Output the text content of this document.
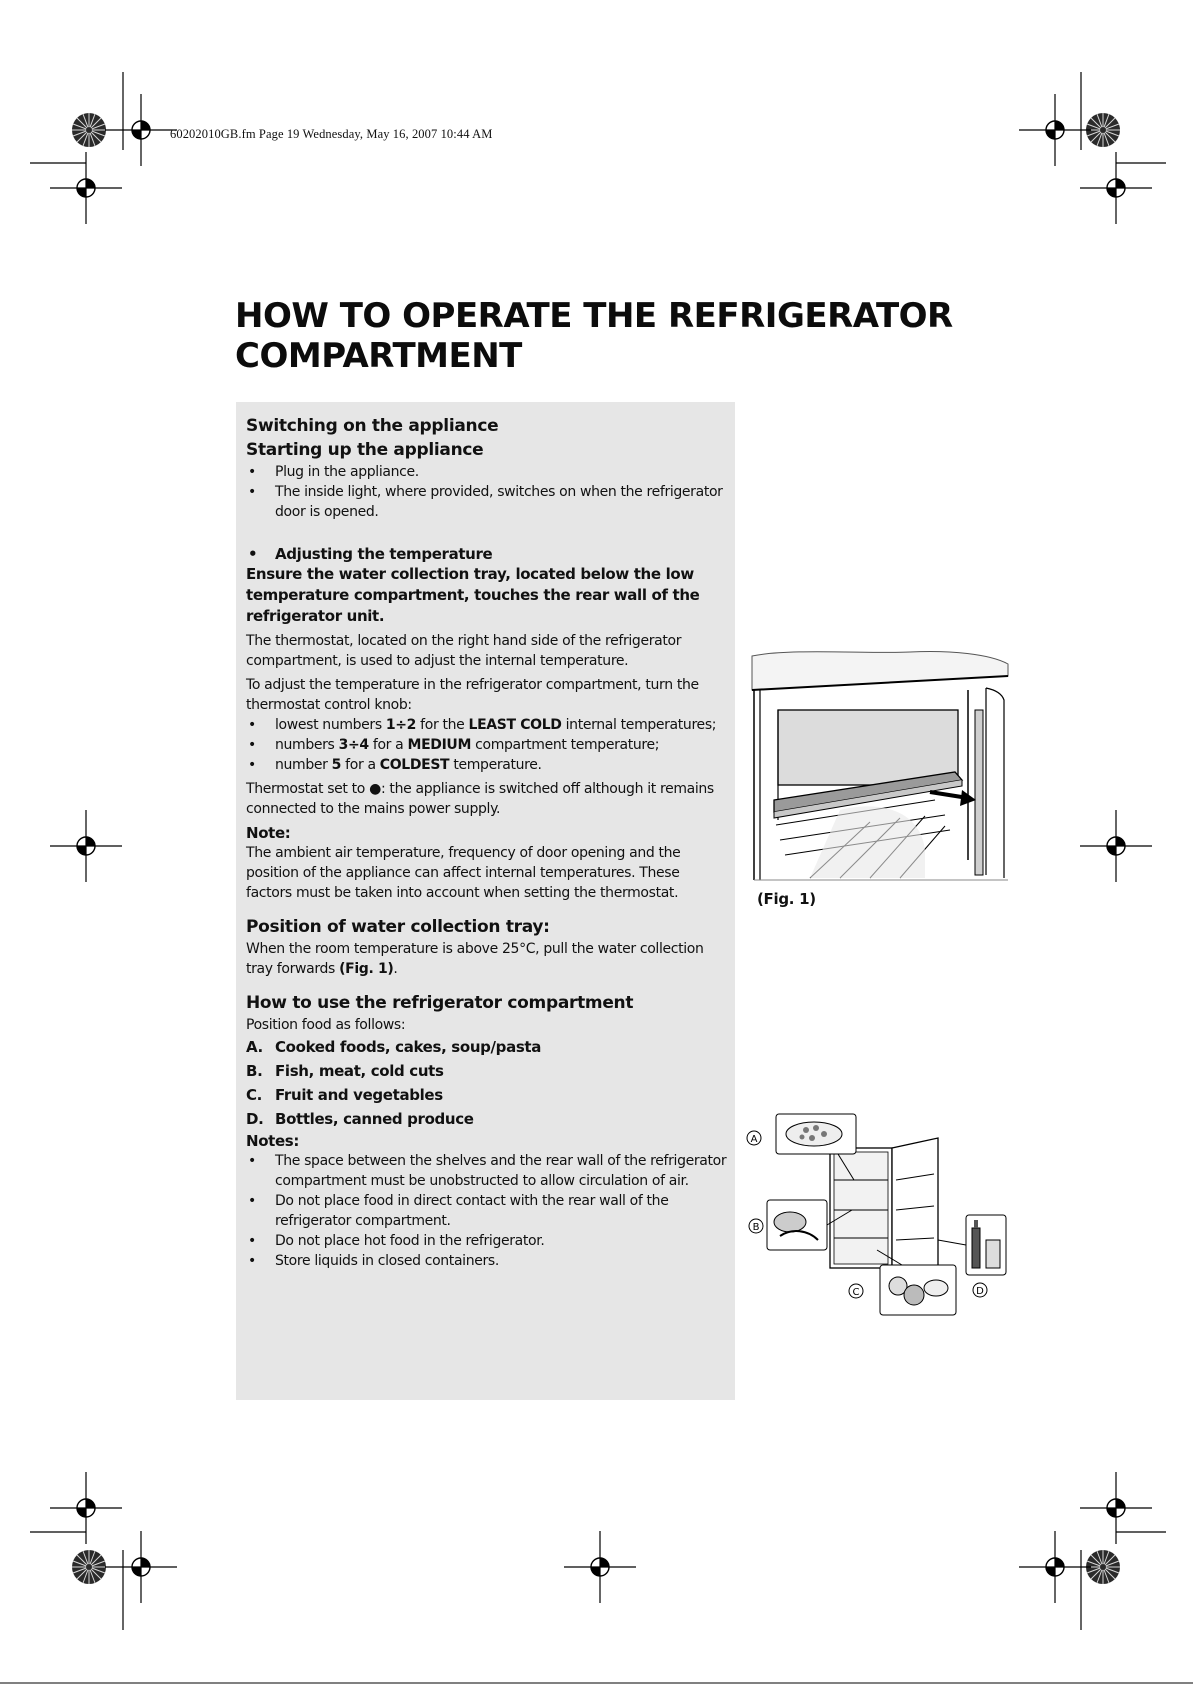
60202010GB.fm Page 19 Wednesday, May 16, 2007 10:44 AM
HOW TO OPERATE THE REFRIGERATOR
COMPARTMENT

Switching on the appliance

Starting up the appliance

• Plug in the appliance.
• The inside light, where provided, switches on when the refrigerator door is opened.
• Adjusting the temperature

Ensure the water collection tray, located below the low temperature compartment, touches the rear wall of the refrigerator unit.

The thermostat, located on the right hand side of the refrigerator compartment, is used to adjust the internal temperature.

To adjust the temperature in the refrigerator compartment, turn the thermostat control knob:

• lowest numbers 1÷2 for the LEAST COLD internal temperatures;
• numbers 3÷4 for a MEDIUM compartment temperature;
• number 5 for a COLDEST temperature.

Thermostat set to ●: the appliance is switched off although it remains connected to the mains power supply.

Note:

The ambient air temperature, frequency of door opening and the position of the appliance can affect internal temperatures. These factors must be taken into account when setting the thermostat.

Position of water collection tray:

When the room temperature is above 25°C, pull the water collection tray forwards (Fig. 1).

How to use the refrigerator compartment

Position food as follows:

A. Cooked foods, cakes, soup/pasta
B. Fish, meat, cold cuts
C. Fruit and vegetables
D. Bottles, canned produce

Notes:

• The space between the shelves and the rear wall of the refrigerator compartment must be unobstructed to allow circulation of air.
• Do not place food in direct contact with the rear wall of the refrigerator compartment.
• Do not place hot food in the refrigerator.
• Store liquids in closed containers.
(Fig. 1)
A
B
C	D
